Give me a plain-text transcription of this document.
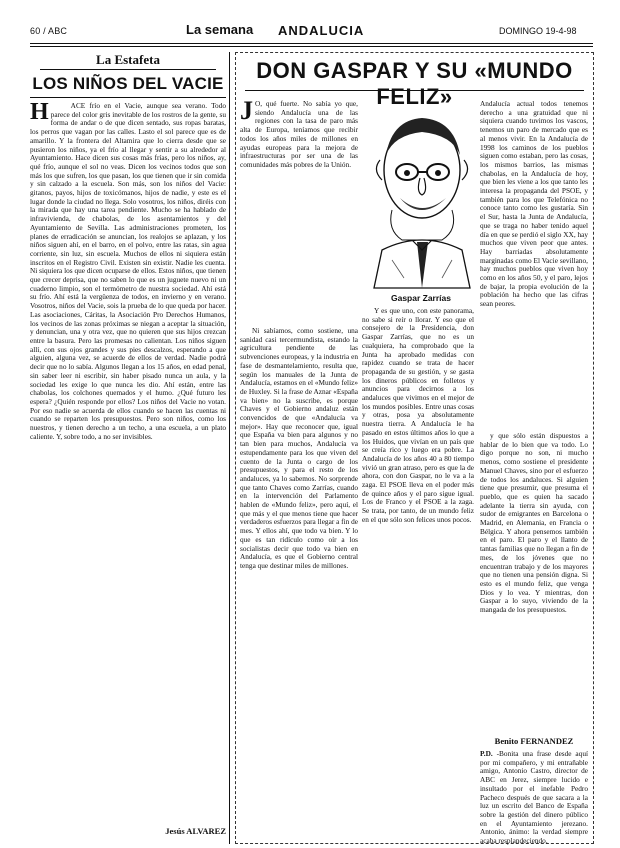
60 / ABC	La semana ANDALUCIA	DOMINGO 19-4-98
La Estafeta
LOS NIÑOS DEL VACIE
H	ACE frío en el Vacie, aunque sea verano. Todo parece del color gris inevitable de los rostros de la gente, su forma de andar o de que dicen sentado, sus ropas baratas, los perros que vagan por las calles. Lasto el sol parece que es de amarillo. Y la frontera del Altamira que lo cierra desde que se pusieron los niños, ya el frío al llegar y sentir a su alrededor al Ayuntamiento. Hace dicen sus cosas más frías, pero los niños, ay, qué frío, aunque el sol no veas. Dicen los vecinos todos que son más los que sufren, los que pasan, los que tienen que ir sin comida y sin calzado a la escuela. Son más, son los niños del Vacie: gitanos, payos, hijos de toxicómanos, hijos de nadie, y este es el lugar donde la ciudad no llega. Solo vosotros, los niños, diréis con la mirada que hay una tarea pendiente. Mucho se ha hablado de infravivienda, de chabolas, de los asentamientos y del Ayuntamiento de Sevilla. Las administraciones prometen, los planes de erradicación se anuncian, los realojos se aplazan, y los niños siguen ahí, en el barro, en el polvo, entre las ratas, sin agua corriente, sin luz, sin escuela. Muchos de ellos ni siquiera están inscritos en el Registro Civil. Existen sin existir. Nadie les cuenta. Ni siquiera los que dicen ocuparse de ellos. Estos niños, que tienen que crecer deprisa, que no saben lo que es un juguete nuevo ni un cuaderno limpio, son el termómetro de nuestra sociedad. Ahí está su frío. Ahí está la vergüenza de todos, en invierno y en verano. Vosotros, niños del Vacie, sois la prueba de lo que queda por hacer. Las asociaciones, Cáritas, la Asociación Pro Derechos Humanos, los vecinos de las zonas próximas se niegan a aceptar la situación, y denuncian, una y otra vez, que no quieren que sus hijos crezcan entre la basura. Pero las promesas no calientan. Los niños siguen allí, con sus ojos grandes y sus pies descalzos, esperando a que alguien, alguna vez, se acuerde de ellos de verdad. Nadie podrá decir que no lo sabía. Algunos llegan a los 15 años, en edad penal, sin saber leer ni escribir, sin haber pisado nunca un aula, y la sociedad les exige lo que nunca les dio. Ahí están, entre las chabolas, los colchones quemados y el humo. ¿Qué futuro les espera? ¿Quién responde por ellos? Los niños del Vacie no votan. Por eso nadie se acuerda de ellos cuando se hacen las cuentas ni cuando se reparten los presupuestos. Pero son niños, como los nuestros, y tienen derecho a un techo, a una escuela, a un plato caliente. Y, sobre todo, a no ser invisibles.
Jesús ALVAREZ
DON GASPAR Y SU «MUNDO FELIZ»
J O, qué fuerte. No sabía yo que, siendo Andalucía una de las regiones con la tasa de paro más alta de Europa, teníamos que recibir todos los años miles de millones en ayudas europeas para la mejora de infraestructuras por ser una de las comunidades más pobres de la Unión.
Ni sabíamos, como sostiene, una sanidad casi tercermundista, estando la agricultura pendiente de las subvenciones europeas, y la industria en fase de desmantelamiento, resulta que, según los manuales de la Junta de Andalucía, estamos en el «Mundo feliz» de Huxley. Si la frase de Aznar «España va bien» no la suscribe, es porque Chaves y el Gobierno andaluz están convencidos de que «Andalucía va mejor». Hay que reconocer que, igual que España va bien para algunos y no tan bien para muchos, Andalucía va estupendamente para los que viven del cuento de la Junta o cargo de los presupuestos, y para el resto de los andaluces, ya lo sabemos. No sorprende que tanto Chaves como Zarrías, cuando en la intervención del Parlamento hablen de «Mundo feliz», pero aquí, el que más y el que menos tiene que hacer verdaderos esfuerzos para llegar a fin de mes. Y ellos ahí, que todo va bien. Y lo que es tan ridículo como oír a los socialistas decir que todo va bien en Andalucía, es que el Gobierno central tenga que destinar miles de millones.
Gaspar Zarrías
Y es que uno, con este panorama, no sabe si reír o llorar. Y eso que el consejero de la Presidencia, don Gaspar Zarrías, que no es un cualquiera, ha comprobado que la Junta ha aprobado medidas con rapidez cuando se trata de hacer propaganda de su gestión, y se gasta los dineros públicos en folletos y anuncios para decirnos a los andaluces que vivimos en el mejor de los mundos posibles. Entre unas cosas y otras, posa ya absolutamente nuestra tierra. A Andalucía le ha pasado en estos últimos años lo que a los Huidos, que vivían en un país que se creía rico y luego era pobre. La Andalucía de los años 40 a 80 tiempo vivió un gran atraso, pero es que la de ahora, con don Gaspar, no le va a la zaga. El PSOE lleva en el poder más de quince años y el paro sigue igual. Los de Franco y el PSOE a la zaga. Se trata, por tanto, de un mundo feliz en el que sólo son felices unos pocos.
Andalucía actual todos tenemos derecho a una gratuidad que ni siquiera cuando tuvimos los vascos, tenemos un paro de mercado que es al menos vivir. En la Andalucía de 1998 los caminos de los pueblos siguen como estaban, pero las cosas, los mismos barrios, las mismas chabolas, en la Andalucía de hoy, que bien les viene a los que tanto les interesa la propaganda del PSOE, y también para los que Telefónica no conoce tanto como les gustaría. Sin el Sur, hasta la Junta de Andalucía, que se traga no haber tenido aquel día en que se perdió el siglo XX, hay muchos que viven peor que antes. Hay barriadas absolutamente marginadas como El Vacie sevillano, hay muchos pueblos que viven hoy como en los años 50, y el paro, lejos de bajar, la propia evolución de la población ha hecho que las cifras sean peores.
y que sólo están dispuestos a hablar de lo bien que va todo. Lo digo porque no son, ni mucho menos, como sostiene el presidente Manuel Chaves, sino por el esfuerzo de todos los andaluces. Si alguien tiene que presumir, que presuma el pueblo, que es quien ha sacado adelante la tierra sin ayuda, con sudor de emigrantes en Barcelona o Madrid, en Alemania, en Francia o Bélgica. Y ahora pensemos también en el paro. El paro y el llanto de tantas familias que no llegan a fin de mes, de los jóvenes que no encuentran trabajo y de los mayores que no tienen una pensión digna. Si esto es el mundo feliz, que venga Dios y lo vea. Y mientras, don Gaspar a lo suyo, viviendo de la mangada de los presupuestos.
Benito FERNANDEZ
P.D. -Bonita una frase desde aquí por mi compañero, y mi entrañable amigo, Antonio Castro, director de ABC en Jerez, siempre lucido e insultado por el inefable Pedro Pacheco después de que sacara a la luz un escrito del Banco de España sobre la gestión del dinero público en el Ayuntamiento jerezano. Antonio, ánimo: la verdad siempre acaba resplandeciendo.
